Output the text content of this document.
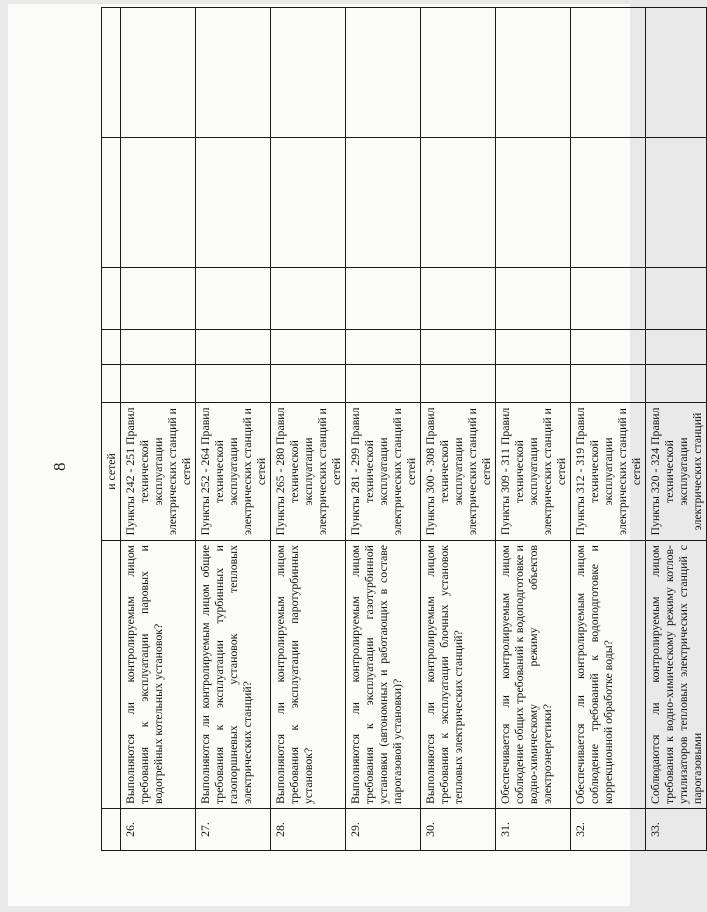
8
			и сетей					
26.	Выполняются ли контролируемым лицом требования к эксплуатации паровых и водогрейных котельных установок?	Пункты 242 - 251 Правил технической эксплуатации электрических станций и сетей					
27.	Выполняются ли контролируемым лицом общие требования к эксплуатации турбинных и газопоршневых установок тепловых электрических станций?	Пункты 252 - 264 Правил технической эксплуатации электрических станций и сетей					
28.	Выполняются ли контролируемым лицом требования к эксплуатации паротурбинных установок?	Пункты 265 - 280 Правил технической эксплуатации электрических станций и сетей					
29.	Выполняются ли контролируемым лицом требования к эксплуатации газотурбинной установки (автономных и работающих в составе парогазовой установки)?	Пункты 281 - 299 Правил технической эксплуатации электрических станций и сетей					
30.	Выполняются ли контролируемым лицом требования к эксплуатации блочных установок тепловых электрических станций?	Пункты 300 - 308 Правил технической эксплуатации электрических станций и сетей					
31.	Обеспечивается ли контролируемым лицом соблюдение общих требований к водоподготовке и водно-химическому режиму объектов электроэнергетики?	Пункты 309 - 311 Правил технической эксплуатации электрических станций и сетей					
32.	Обеспечивается ли контролируемым лицом соблюдение требований к водоподготовке и коррекционной обработке воды?	Пункты 312 - 319 Правил технической эксплуатации электрических станций и сетей					
33.	Соблюдаются ли контролируемым лицом требования к водно-химическому режиму котлов-утилизаторов тепловых электрических станций с парогазовыми	Пункты 320 - 324 Правил технической эксплуатации электрических станций					
